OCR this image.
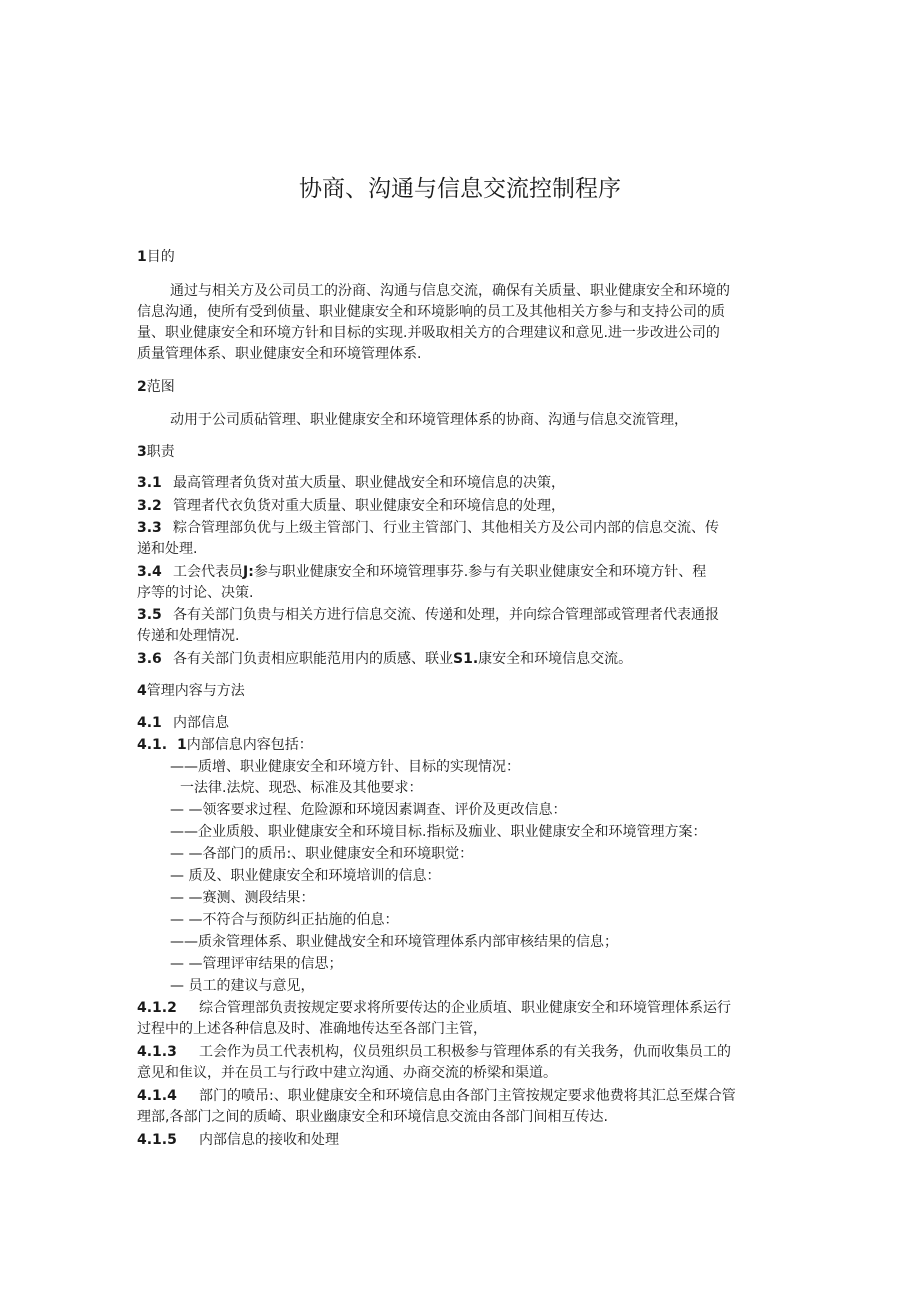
协商、沟通与信息交流控制程序
1目的
通过与相关方及公司员工的汾商、沟通与信息交流，确保有关质量、职业健康安全和环境的
信息沟通，使所有受到侦量、职业健康安全和环境影响的员工及其他相关方参与和支持公司的质
量、职业健康安全和环境方针和目标的实现.并吸取相关方的合理建议和意见.进一步改进公司的
质量管理体系、职业健康安全和环境管理体系.
2范图
动用于公司质砧管理、职业健康安全和环境管理体系的协商、沟通与信息交流管理，
3职责
3.1 最高管理者负货对茧大质量、职业健战安全和环境信息的决策，
3.2 管理者代衣负货对重大质量、职业健康安全和环境信息的处理，
3.3 粽合管理部负优与上级主管部门、行业主管部门、其他相关方及公司内部的信息交流、传
递和处理.
3.4 工会代表员J:参与职业健康安全和环境管理事芬.参与有关职业健康安全和环境方针、程
序等的讨论、决策.
3.5 各有关部门负贵与相关方进行信息交流、传递和处理，并向综合管理部或管理者代表通报
传递和处理情况.
3.6 各有关部门负责相应职能范用内的质感、联业S1.康安全和环境信息交流。
4管理内容与方法
4.1 内部信息
4.1. 1内部信息内容包括：
——质增、职业健康安全和环境方针、目标的实现情况：
一法律.法烷、现恐、标准及其他要求：
— —领客要求过程、危险源和环境因素调查、评价及更改信息：
——企业质般、职业健康安全和环境目标.指标及痂业、职业健康安全和环境管理方案：
— —各部门的质吊:、职业健康安全和环境职觉：
— 质及、职业健康安全和环境培训的信息：
— —赛测、测段结果：
— —不符合与预防纠正拈施的伯息：
——质汆管理体系、职业健战安全和环境管理体系内部审核结果的信息；
— —管理评审结果的信思；
— 员工的建议与意见，
4.1.2 综合管理部负责按规定要求将所要传达的企业质埴、职业健康安全和环境管理体系运行
过程中的上述各种信息及时、准确地传达至各部门主管，
4.1.3 工会作为员工代表机构，仪员殂织员工积极参与管理体系的有关我务，仇而收集员工的
意见和隹议，并在员工与行政中建立沟通、办商交流的桥梁和渠道。
4.1.4 部门的喷吊:、职业健康安全和环境信息由各部门主管按规定要求他费将其汇总至煤合管
理部,各部门之间的质崎、职业幽康安全和环境信息交流由各部门间相互传达.
4.1.5 内部信息的接收和处理
